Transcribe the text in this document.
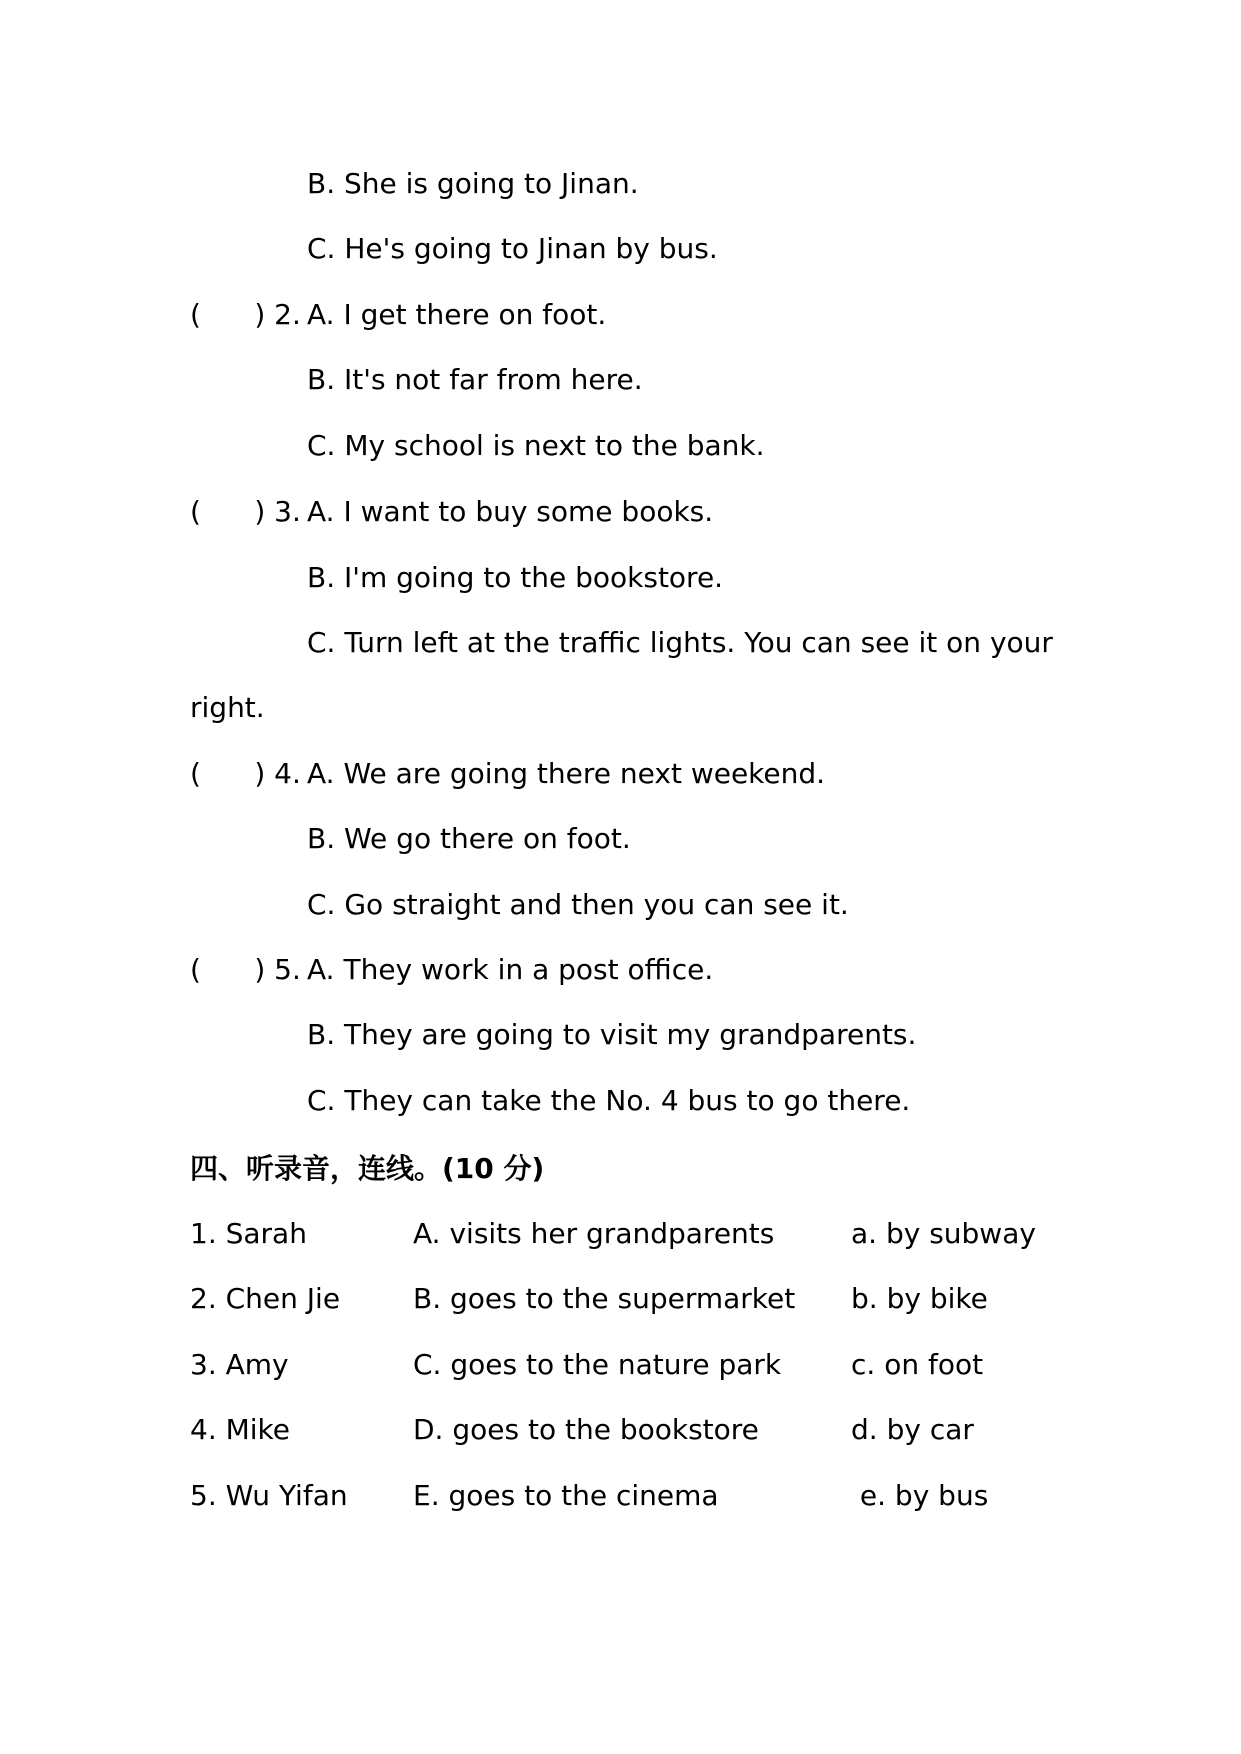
B. She is going to Jinan.
C. He's going to Jinan by bus.
(      ) 2.
A. I get there on foot.
B. It's not far from here.
C. My school is next to the bank.
(      ) 3.
A. I want to buy some books.
B. I'm going to the bookstore.
C. Turn left at the traffic lights. You can see it on your
right.
(      ) 4.
A. We are going there next weekend.
B. We go there on foot.
C. Go straight and then you can see it.
(      ) 5.
A. They work in a post office.
B. They are going to visit my grandparents.
C. They can take the No. 4 bus to go there.
四、听录音，连线。(10 分)
1. Sarah	A. visits her grandparents	a. by subway
2. Chen Jie	B. goes to the supermarket b. by bike
3. Amy	C. goes to the nature park c. on foot
4. Mike	D. goes to the bookstore	d. by car
5. Wu Yifan E. goes to the cinema	e. by bus
